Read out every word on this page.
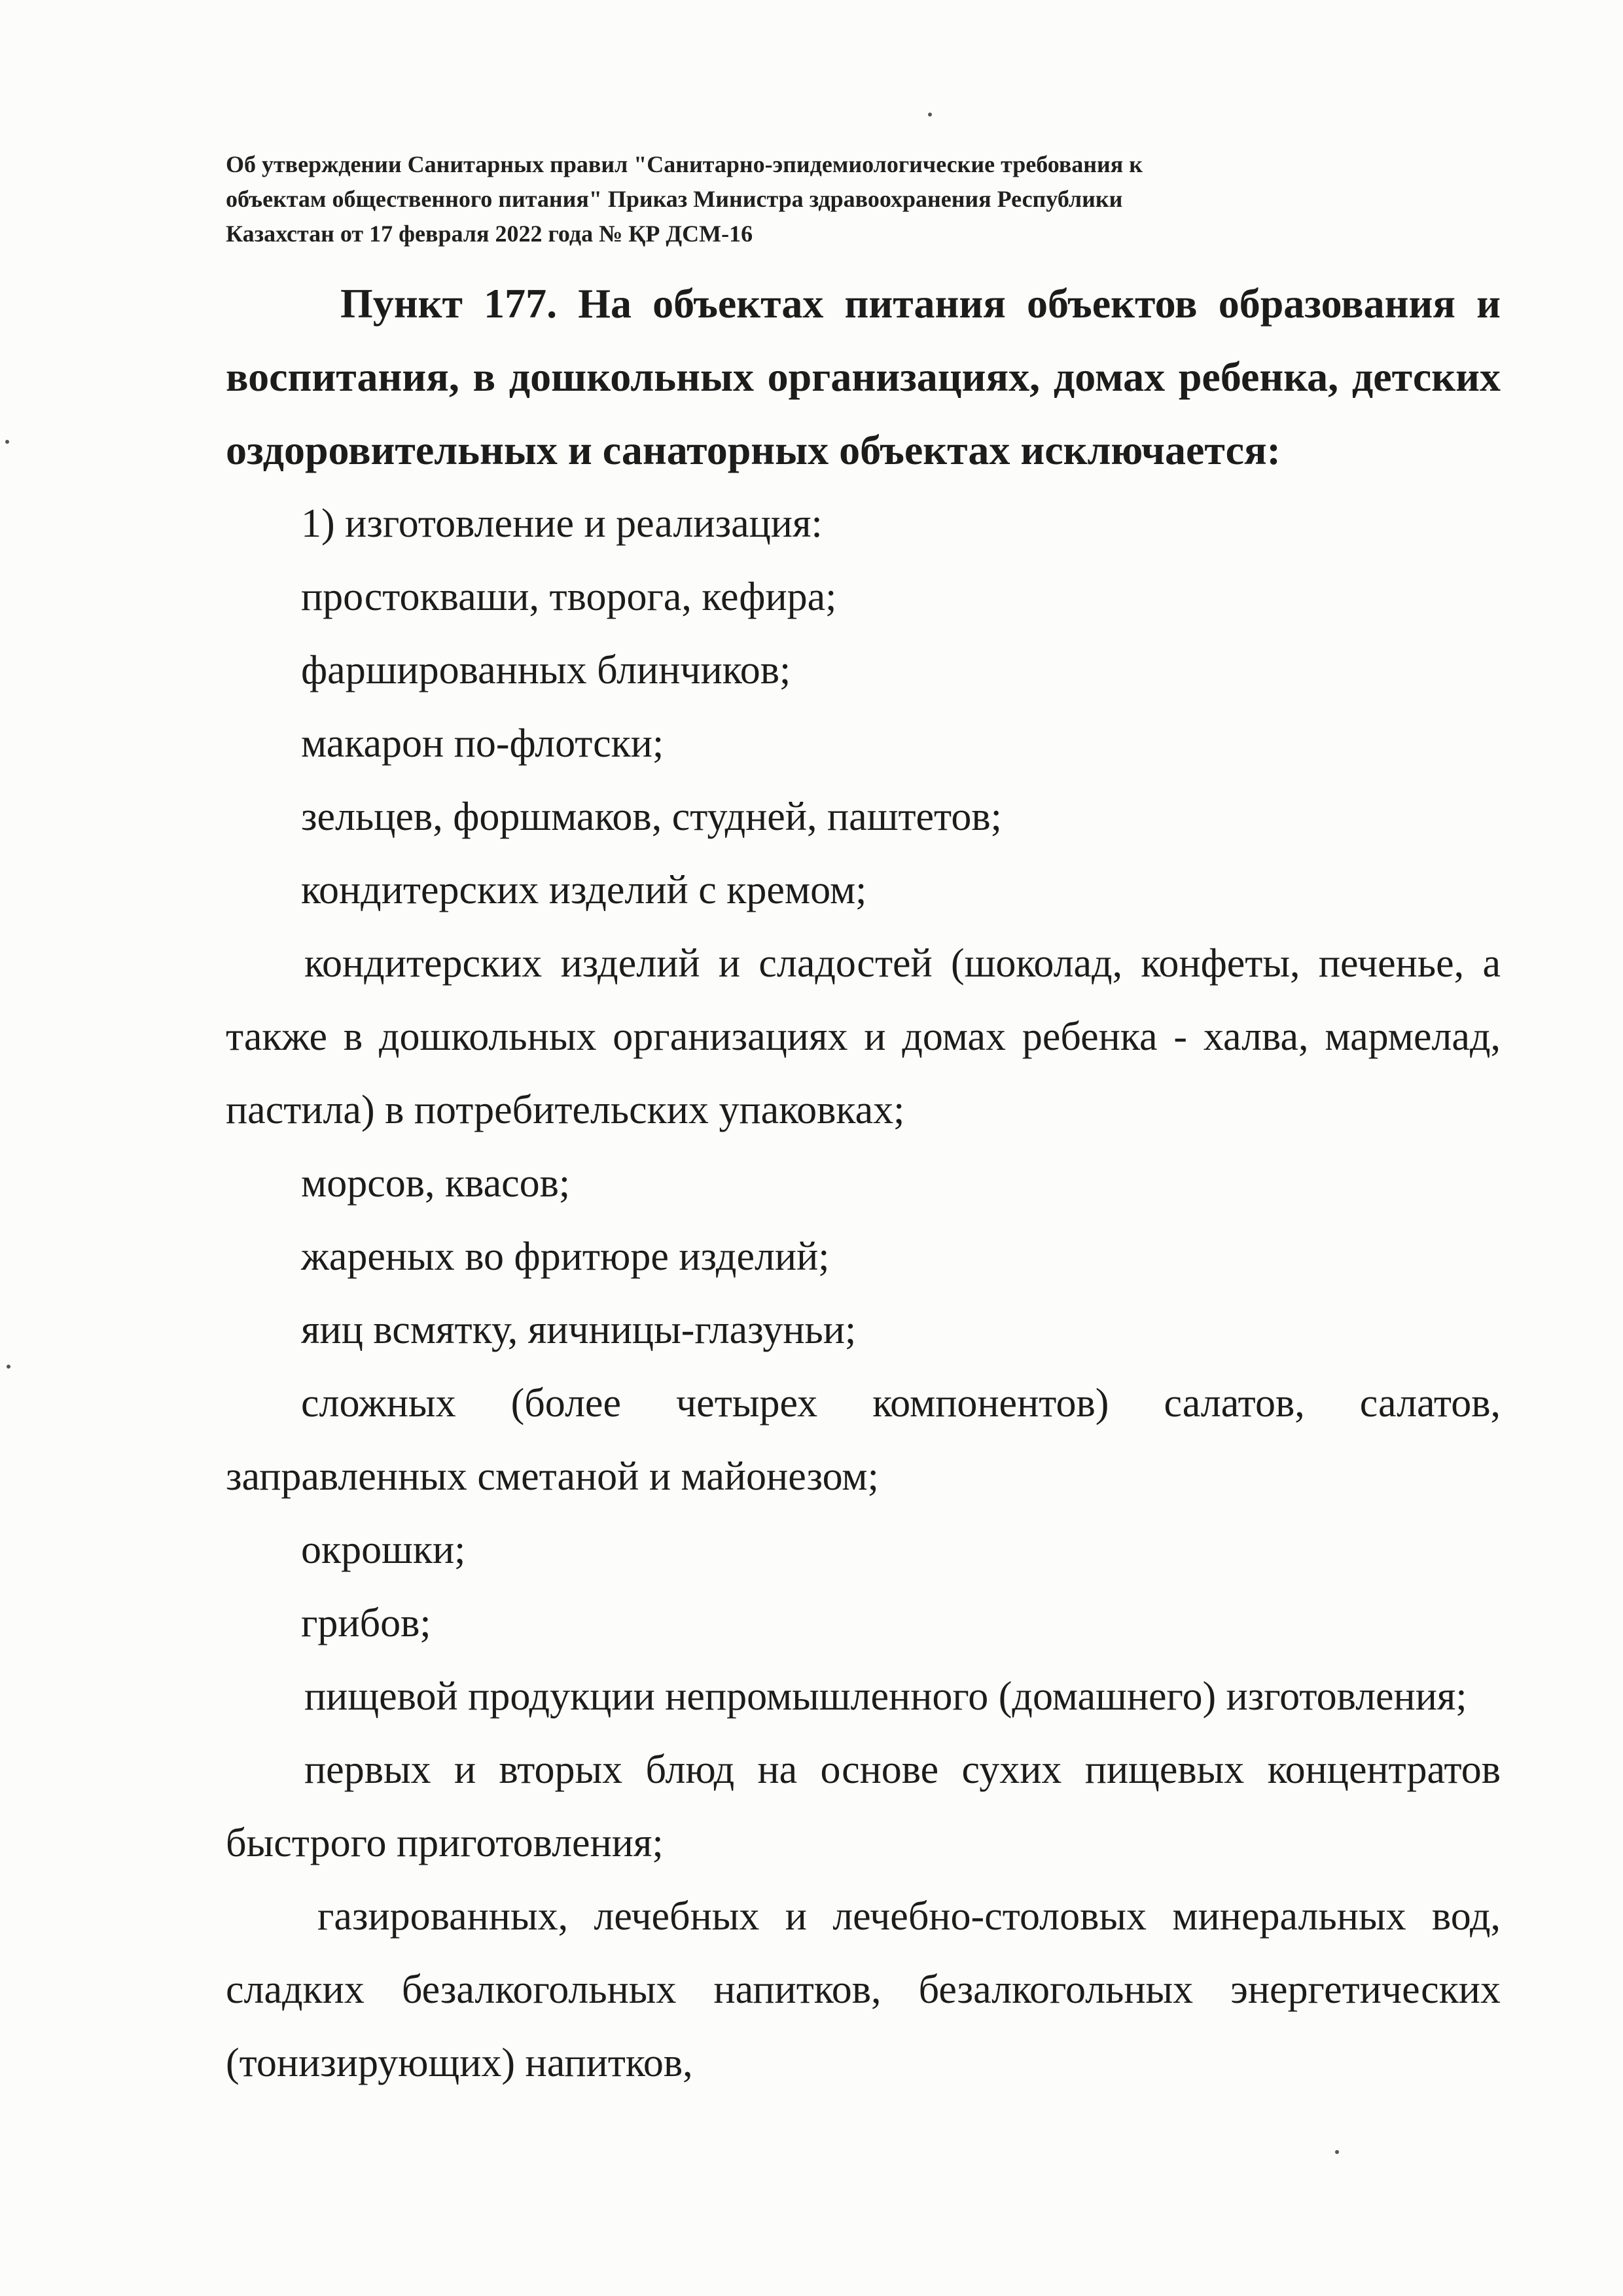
Об утверждении Санитарных правил "Санитарно-эпидемиологические требования к
объектам общественного питания" Приказ Министра здравоохранения Республики
Казахстан от 17 февраля 2022 года № ҚР ДСМ-16

Пункт 177. На объектах питания объектов образования и воспитания, в дошкольных организациях, домах ребенка, детских оздоровительных и санаторных объектах исключается:

1) изготовление и реализация:

простокваши, творога, кефира;

фаршированных блинчиков;

макарон по-флотски;

зельцев, форшмаков, студней, паштетов;

кондитерских изделий с кремом;

кондитерских изделий и сладостей (шоколад, конфеты, печенье, а также в дошкольных организациях и домах ребенка - халва, мармелад, пастила) в потребительских упаковках;

морсов, квасов;

жареных во фритюре изделий;

яиц всмятку, яичницы-глазуньи;

сложных (более четырех компонентов) салатов, салатов, заправленных сметаной и майонезом;

окрошки;

грибов;

пищевой продукции непромышленного (домашнего) изготовления;

первых и вторых блюд на основе сухих пищевых концентратов быстрого приготовления;

газированных, лечебных и лечебно-столовых минеральных вод, сладких безалкогольных напитков, безалкогольных энергетических (тонизирующих) напитков,
